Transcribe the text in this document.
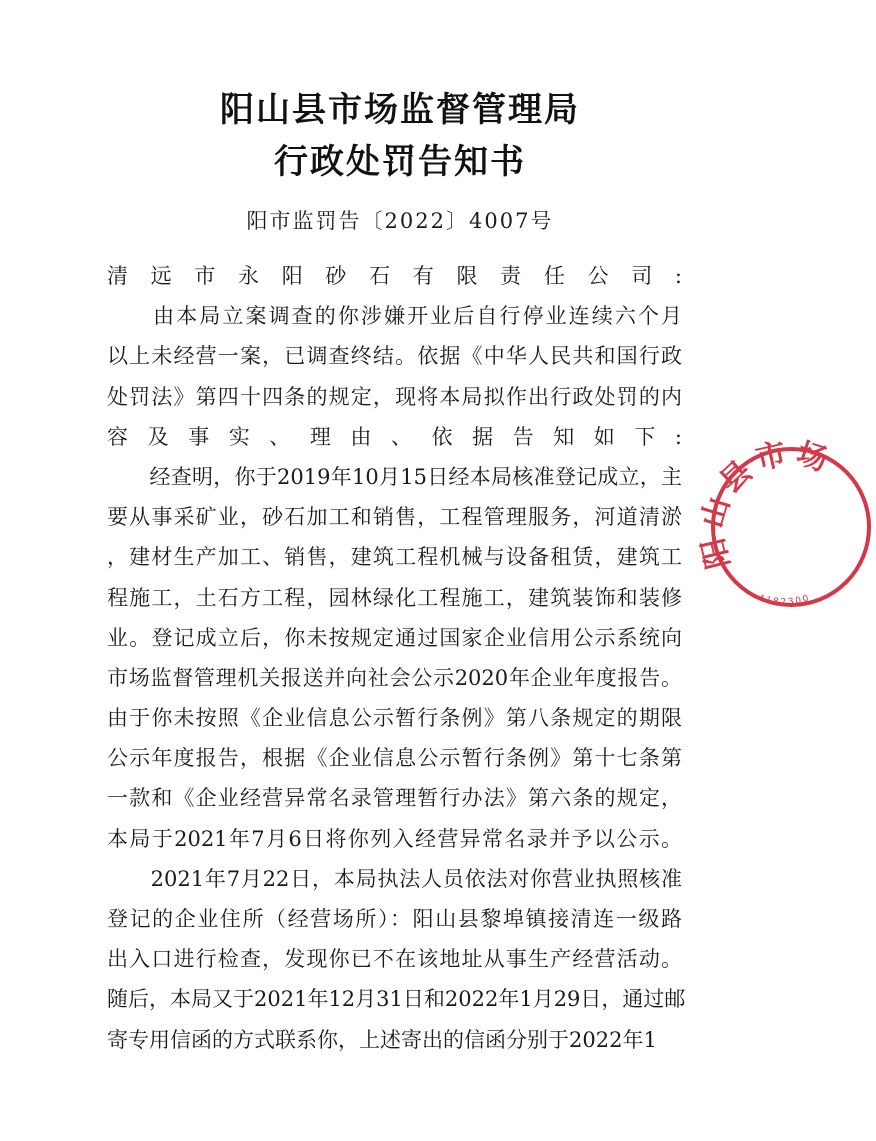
阳山县市场监督管理局
行政处罚告知书
阳市监罚告〔2022〕4007号
清远市永阳砂石有限责任公司:
　　由本局立案调查的你涉嫌开业后自行停业连续六个月
以上未经营一案，已调查终结。依据《中华人民共和国行政
处罚法》第四十四条的规定，现将本局拟作出行政处罚的内
容及事实、理由、依据告知如下:
　　经查明，你于2019年10月15日经本局核准登记成立，主
要从事采矿业，砂石加工和销售，工程管理服务，河道清淤
，建材生产加工、销售，建筑工程机械与设备租赁，建筑工
程施工，土石方工程，园林绿化工程施工，建筑装饰和装修
业。登记成立后，你未按规定通过国家企业信用公示系统向
市场监督管理机关报送并向社会公示2020年企业年度报告。
由于你未按照《企业信息公示暂行条例》第八条规定的期限
公示年度报告，根据《企业信息公示暂行条例》第十七条第
一款和《企业经营异常名录管理暂行办法》第六条的规定，
本局于2021年7月6日将你列入经营异常名录并予以公示。
　　2021年7月22日，本局执法人员依法对你营业执照核准
登记的企业住所（经营场所）：阳山县黎埠镇接清连一级路
出入口进行检查，发现你已不在该地址从事生产经营活动。
随后，本局又于2021年12月31日和2022年1月29日，通过邮
寄专用信函的方式联系你，上述寄出的信函分别于2022年1
阳山县市场
4182300
